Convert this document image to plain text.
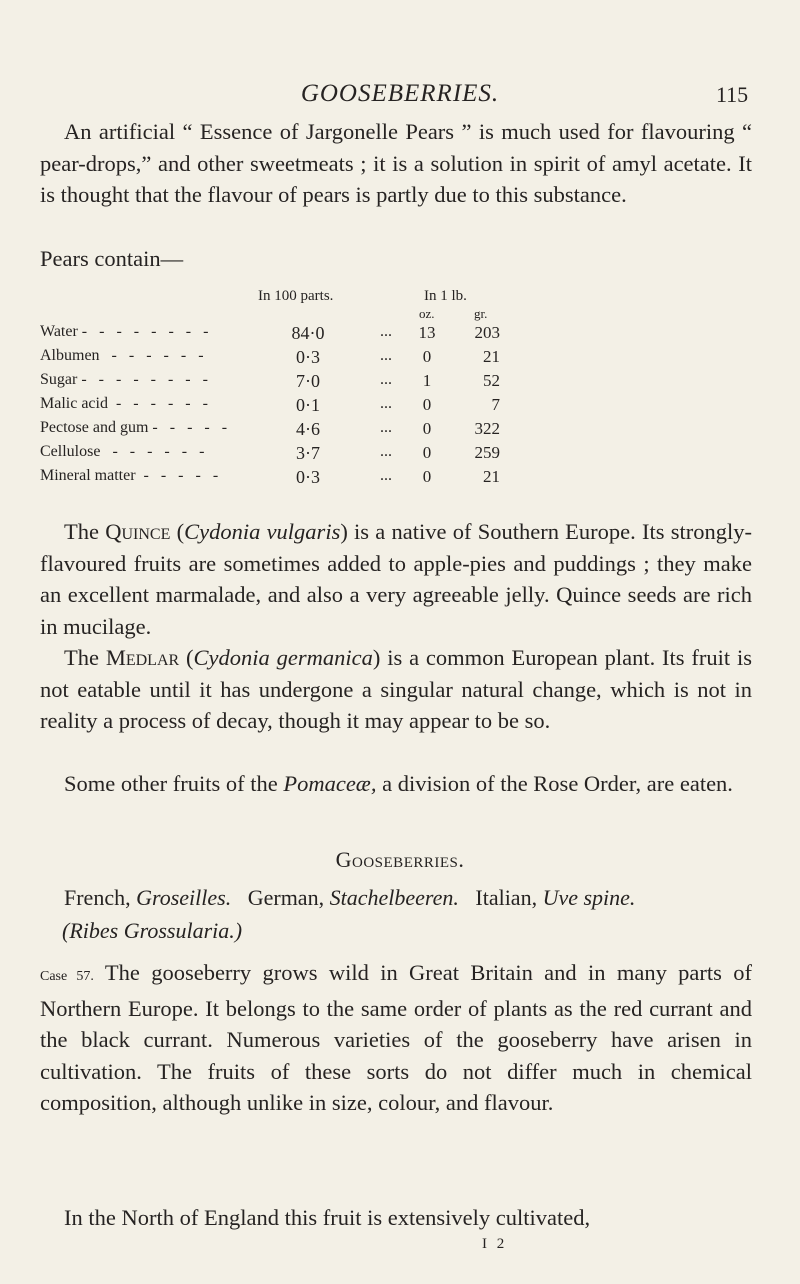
GOOSEBERRIES.	115

An artificial “ Essence of Jargonelle Pears ” is much used for flavouring “ pear-drops,” and other sweetmeats ; it is a solution in spirit of amyl acetate. It is thought that the flavour of pears is partly due to this substance.

Pears contain—

In 100 parts.	In 1 lb.
oz.	gr.
Water -   -   -   -   -   -   -   -	84·0	...	13	203
Albumen   -   -   -   -   -   -	0·3	...	0	21
Sugar -   -   -   -   -   -   -   -	7·0	...	1	52
Malic acid  -   -   -   -   -   -	0·1	...	0	7
Pectose and gum -   -   -   -   -	4·6	...	0	322
Cellulose   -   -   -   -   -   -	3·7	...	0	259
Mineral matter  -   -   -   -   -	0·3	...	0	21

The Quince (Cydonia vulgaris) is a native of Southern Europe. Its strongly-flavoured fruits are sometimes added to apple-pies and puddings ; they make an excellent marmalade, and also a very agreeable jelly. Quince seeds are rich in mucilage.

The Medlar (Cydonia germanica) is a common European plant. Its fruit is not eatable until it has undergone a singular natural change, which is not in reality a process of decay, though it may appear to be so.

Some other fruits of the Pomaceæ, a division of the Rose Order, are eaten.

Gooseberries.
French, Groseilles. German, Stachelbeeren. Italian, Uve spine.
(Ribes Grossularia.)

Case 57. The gooseberry grows wild in Great Britain and in many parts of Northern Europe. It belongs to the same order of plants as the red currant and the black currant. Numerous varieties of the gooseberry have arisen in cultivation. The fruits of these sorts do not differ much in chemical composition, although unlike in size, colour, and flavour.

In the North of England this fruit is extensively cultivated,

I 2
